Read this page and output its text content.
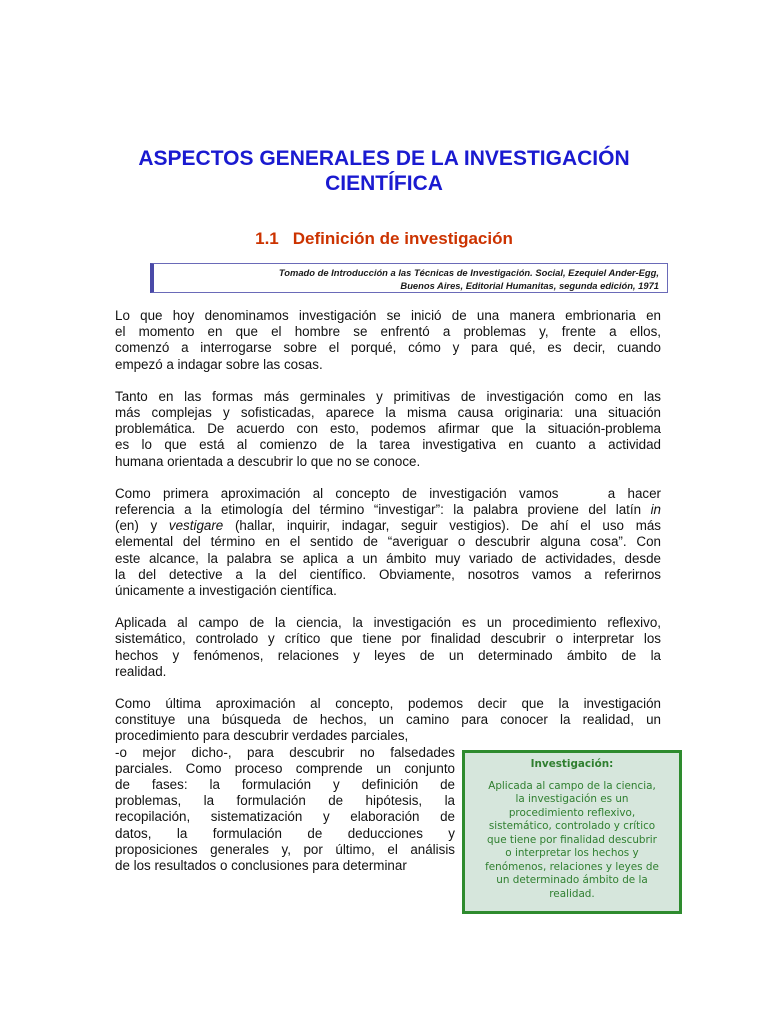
ASPECTOS GENERALES DE LA INVESTIGACIÓN
CIENTÍFICA
1.1 Definición de investigación
Tomado de Introducción a las Técnicas de Investigación. Social, Ezequiel Ander-Egg,
Buenos Aires, Editorial Humanitas, segunda edición, 1971

Lo que hoy denominamos investigación se inició de una manera embrionaria en
el momento en que el hombre se enfrentó a problemas y, frente a ellos,
comenzó a interrogarse sobre el porqué, cómo y para qué, es decir, cuando
empezó a indagar sobre las cosas.

Tanto en las formas más germinales y primitivas de investigación como en las
más complejas y sofisticadas, aparece la misma causa originaria: una situación
problemática. De acuerdo con esto, podemos afirmar que la situación-problema
es lo que está al comienzo de la tarea investigativa en cuanto a actividad
humana orientada a descubrir lo que no se conoce.

Como primera aproximación al concepto de investigación vamos    a hacer
referencia a la etimología del término “investigar”: la palabra proviene del latín in
(en) y vestigare (hallar, inquirir, indagar, seguir vestigios). De ahí el uso más
elemental del término en el sentido de “averiguar o descubrir alguna cosa”. Con
este alcance, la palabra se aplica a un ámbito muy variado de actividades, desde
la del detective a la del científico. Obviamente, nosotros vamos a referirnos
únicamente a investigación científica.

Aplicada al campo de la ciencia, la investigación es un procedimiento reflexivo,
sistemático, controlado y crítico que tiene por finalidad descubrir o interpretar los
hechos y fenómenos, relaciones y leyes de un determinado ámbito de la
realidad.

Como última aproximación al concepto, podemos decir que la investigación
constituye una búsqueda de hechos, un camino para conocer la realidad, un
procedimiento para descubrir verdades parciales,
-o mejor dicho-, para descubrir no falsedades
parciales. Como proceso comprende un conjunto
de fases: la formulación y definición de
problemas, la formulación de hipótesis, la
recopilación, sistematización y elaboración de
datos, la formulación de deducciones y
proposiciones generales y, por último, el análisis
de los resultados o conclusiones para determinar

Investigación:
Aplicada al campo de la ciencia,
la investigación es un
procedimiento reflexivo,
sistemático, controlado y crítico
que tiene por finalidad descubrir
o interpretar los hechos y
fenómenos, relaciones y leyes de
un determinado ámbito de la
realidad.
